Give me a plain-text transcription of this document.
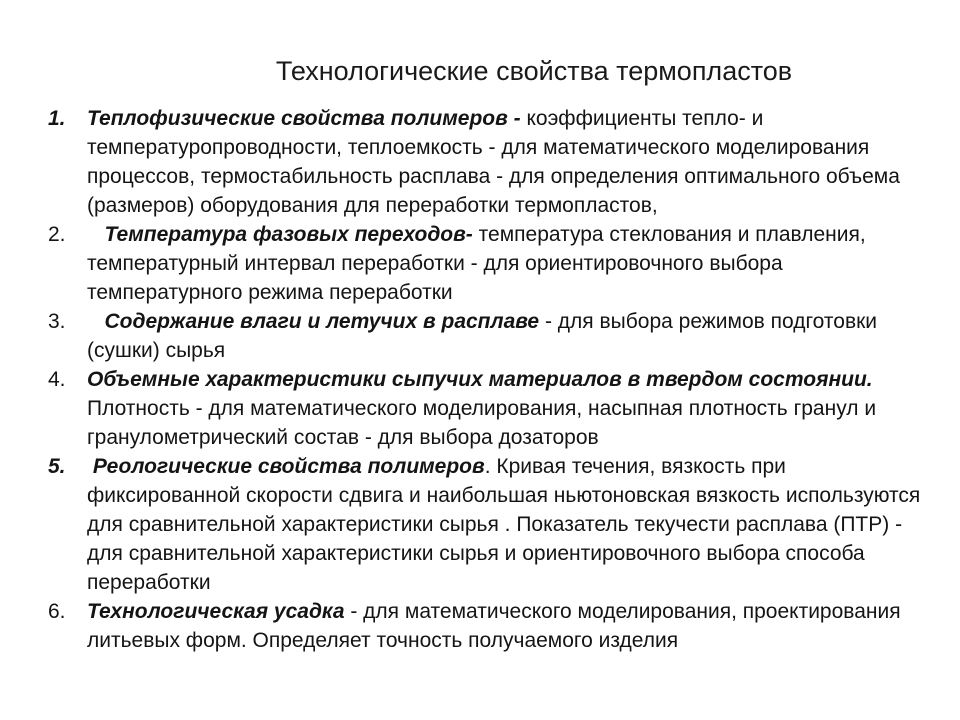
Технологические свойства термопластов
1. Теплофизические свойства полимеров - коэффициенты тепло- и температуропроводности, теплоемкость - для математического моделирования процессов, термостабильность расплава - для определения оптимального объема (размеров) оборудования для переработки термопластов,
2. Температура фазовых переходов- температура стеклования и плавления, температурный интервал переработки - для ориентировочного выбора температурного режима переработки
3. Содержание влаги и летучих в расплаве - для выбора режимов подготовки (сушки) сырья
4. Объемные характеристики сыпучих материалов в твердом состоянии. Плотность - для математического моделирования, насыпная плотность гранул и гранулометрический состав - для выбора дозаторов
5. Реологические свойства полимеров. Кривая течения, вязкость при фиксированной скорости сдвига и наибольшая ньютоновская вязкость используются для сравнительной характеристики сырья . Показатель текучести расплава (ПТР) - для сравнительной характеристики сырья и ориентировочного выбора способа переработки
6. Технологическая усадка - для математического моделирования, проектирования литьевых форм. Определяет точность получаемого изделия
